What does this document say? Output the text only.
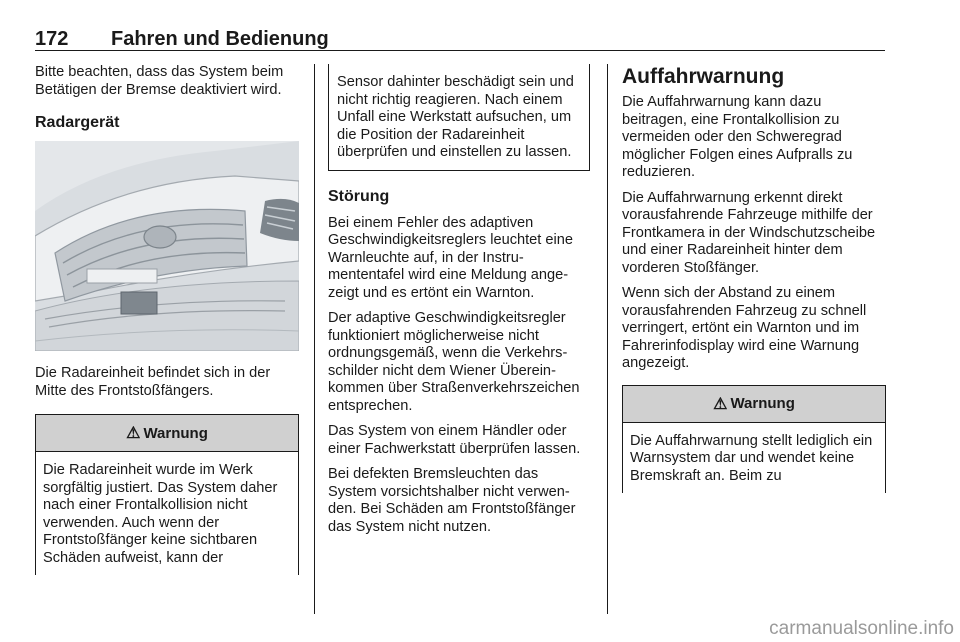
172 Fahren und Bedienung

Bitte beachten, dass das System beim Betätigen der Bremse deaktiviert wird.

Radargerät

Die Radareinheit befindet sich in der Mitte des Frontstoßfängers.

⚠ Warnung
Die Radareinheit wurde im Werk sorgfältig justiert. Das System daher nach einer Frontalkollision nicht verwenden. Auch wenn der Frontstoßfänger keine sichtbaren Schäden aufweist, kann der
Sensor dahinter beschädigt sein und nicht richtig reagieren. Nach einem Unfall eine Werkstatt aufsuchen, um die Position der Radareinheit überprüfen und einstellen zu lassen.
Störung

Bei einem Fehler des adaptiven Geschwindigkeitsreglers leuchtet eine Warnleuchte auf, in der Instrumententafel wird eine Meldung angezeigt und es ertönt ein Warnton.

Der adaptive Geschwindigkeitsregler funktioniert möglicherweise nicht ordnungsgemäß, wenn die Verkehrsschilder nicht dem Wiener Übereinkommen über Straßenverkehrszeichen entsprechen.

Das System von einem Händler oder einer Fachwerkstatt überprüfen lassen.

Bei defekten Bremsleuchten das System vorsichtshalber nicht verwenden. Bei Schäden am Frontstoßfänger das System nicht nutzen.

Auffahrwarnung

Die Auffahrwarnung kann dazu beitragen, eine Frontalkollision zu vermeiden oder den Schweregrad möglicher Folgen eines Aufpralls zu reduzieren.

Die Auffahrwarnung erkennt direkt vorausfahrende Fahrzeuge mithilfe der Frontkamera in der Windschutzscheibe und einer Radareinheit hinter dem vorderen Stoßfänger.

Wenn sich der Abstand zu einem vorausfahrenden Fahrzeug zu schnell verringert, ertönt ein Warnton und im Fahrerinfodisplay wird eine Warnung angezeigt.

⚠ Warnung
Die Auffahrwarnung stellt lediglich ein Warnsystem dar und wendet keine Bremskraft an. Beim zu
carmanualsonline.info
